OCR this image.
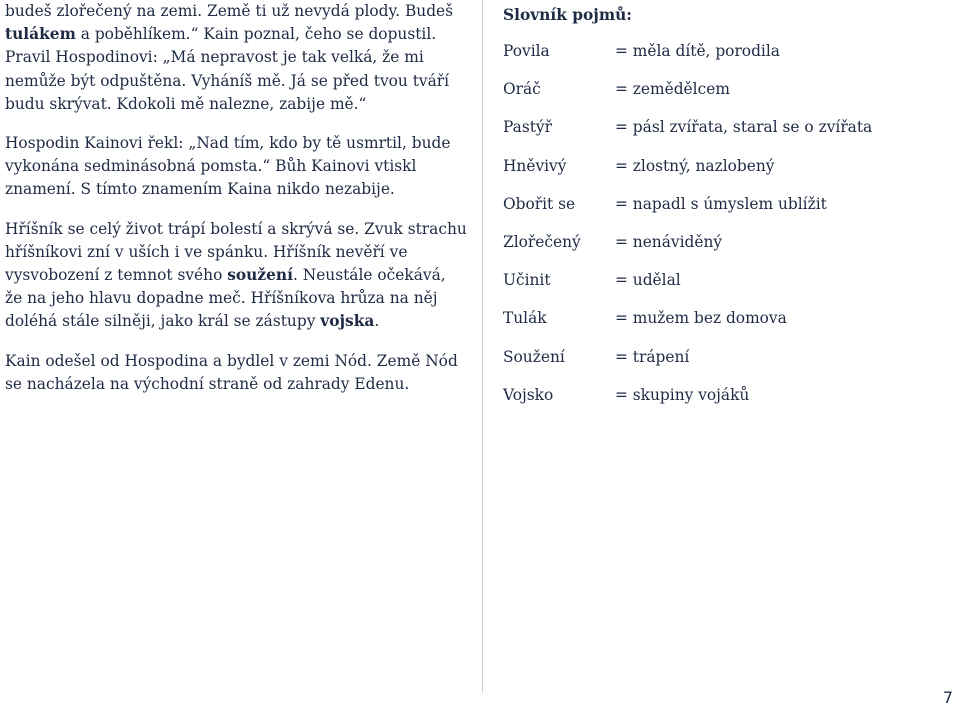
budeš zlořečený na zemi. Země ti už nevydá plody. Budeš tulákem a poběhlíkem.“ Kain poznal, čeho se dopustil. Pravil Hospodinovi: „Má nepravost je tak velká, že mi nemůže být odpuštěna. Vyháníš mě. Já se před tvou tváří budu skrývat. Kdokoli mě nalezne, zabije mě.“

Hospodin Kainovi řekl: „Nad tím, kdo by tě usmrtil, bude vykonána sedminásobná pomsta.“ Bůh Kainovi vtiskl znamení. S tímto znamením Kaina nikdo nezabije.

Hříšník se celý život trápí bolestí a skrývá se. Zvuk strachu hříšníkovi zní v uších i ve spánku. Hříšník nevěří ve vysvobození z temnot svého soužení. Neustále očekává, že na jeho hlavu dopadne meč. Hříšníkova hrůza na něj doléhá stále silněji, jako král se zástupy vojska.

Kain odešel od Hospodina a bydlel v zemi Nód. Země Nód se nacházela na východní straně od zahrady Edenu.

Slovník pojmů:
Povila	= měla dítě, porodila
Oráč	= zemědělcem
Pastýř	= pásl zvířata, staral se o zvířata
Hněvivý	= zlostný, nazlobený
Obořit se	= napadl s úmyslem ublížit
Zlořečený	= nenáviděný
Učinit	= udělal
Tulák	= mužem bez domova
Soužení	= trápení
Vojsko	= skupiny vojáků
7
